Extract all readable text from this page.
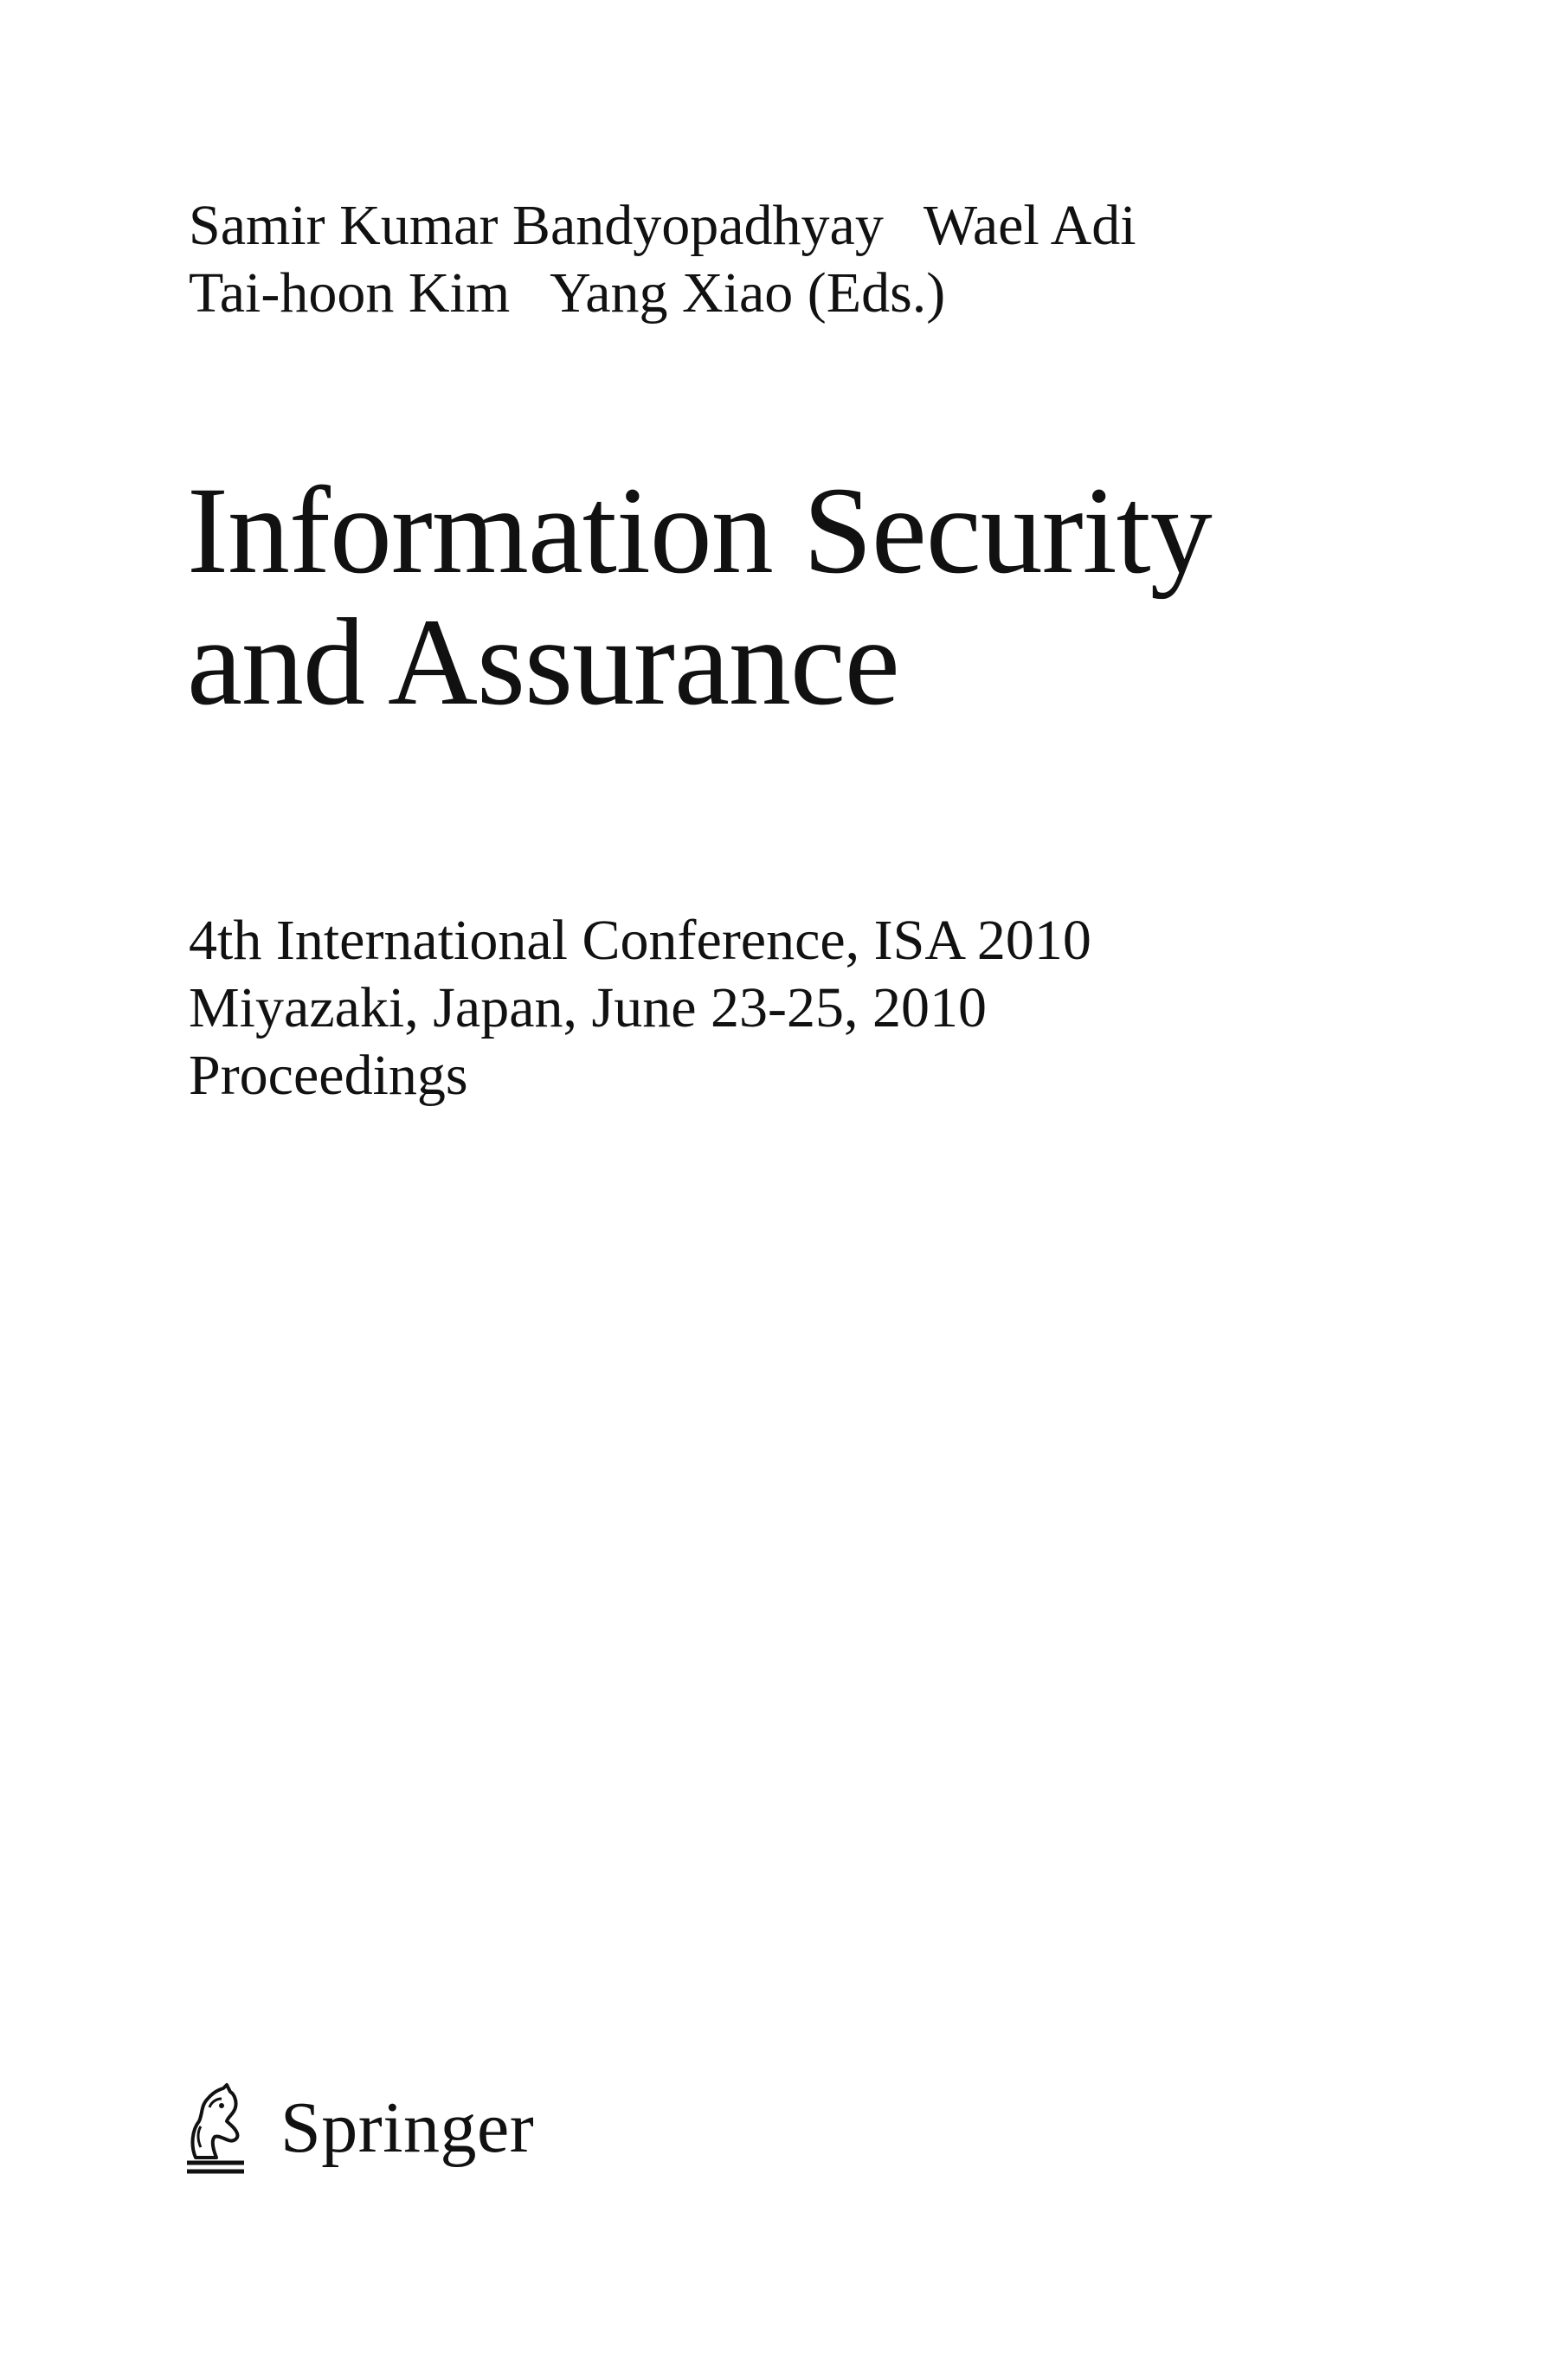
Samir Kumar Bandyopadhyay Wael Adi
Tai-hoon Kim Yang Xiao (Eds.)
Information Security
and Assurance
4th International Conference, ISA 2010
Miyazaki, Japan, June 23-25, 2010
Proceedings
Springer
